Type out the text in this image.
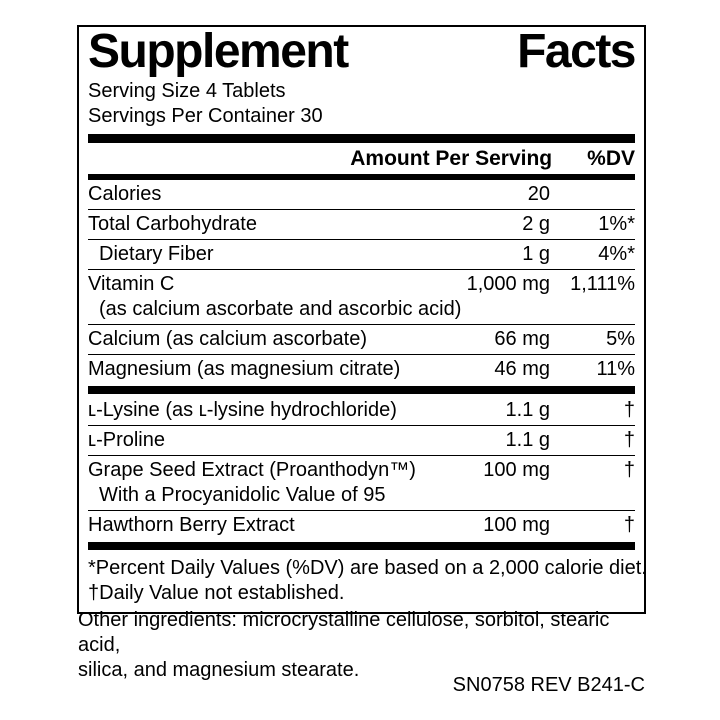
Supplement	Facts
Serving Size 4 Tablets
Servings Per Container 30
Amount Per Serving %DV
Calories	20
Total Carbohydrate	2 g	1%*
Dietary Fiber	1 g	4%*
Vitamin C	1,000 mg	1,111%
(as calcium ascorbate and ascorbic acid)
Calcium (as calcium ascorbate)	66 mg	5%
Magnesium (as magnesium citrate)	46 mg	11%
ʟ-Lysine (as ʟ-lysine hydrochloride)	1.1 g	†
ʟ-Proline	1.1 g	†
Grape Seed Extract (Proanthodyn™)	100 mg	†
With a Procyanidolic Value of 95
Hawthorn Berry Extract	100 mg	†
*Percent Daily Values (%DV) are based on a 2,000 calorie diet.
†Daily Value not established.
Other ingredients: microcrystalline cellulose, sorbitol, stearic acid,
silica, and magnesium stearate.
SN0758 REV B241-C
